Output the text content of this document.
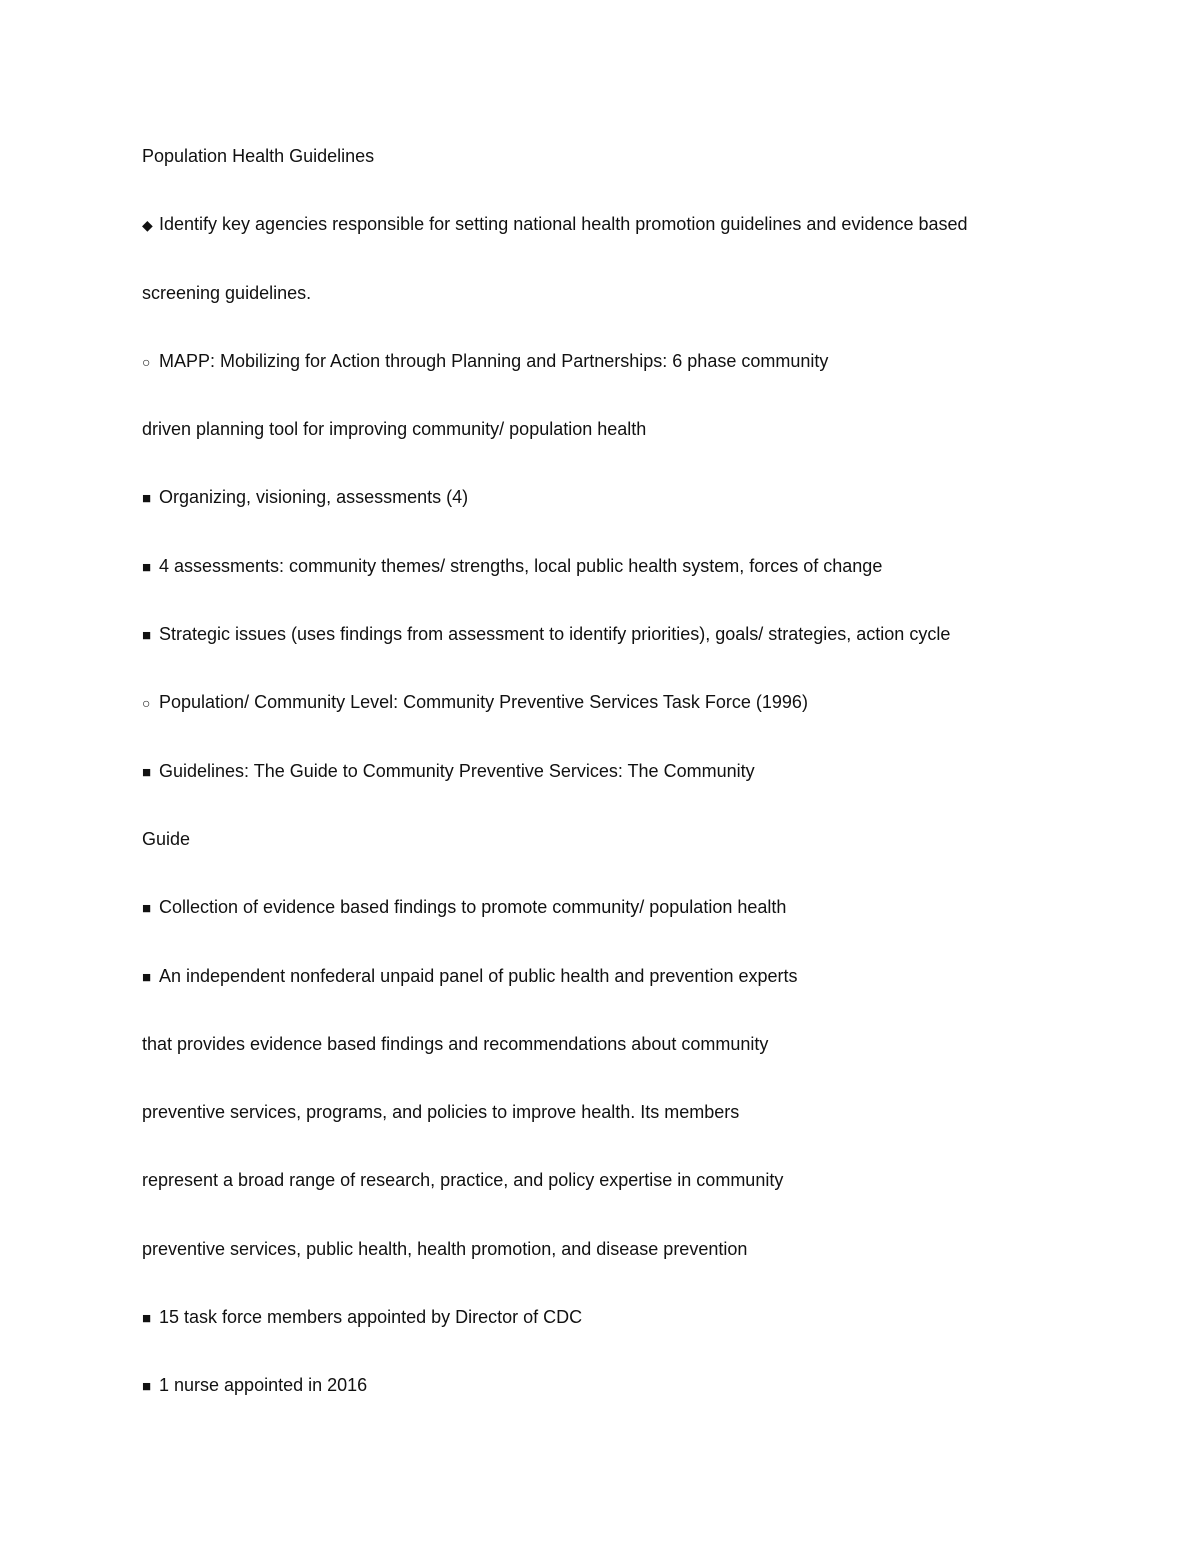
Population Health Guidelines
◆ Identify key agencies responsible for setting national health promotion guidelines and evidence based
screening guidelines.
○ MAPP: Mobilizing for Action through Planning and Partnerships: 6 phase community
driven planning tool for improving community/ population health
■ Organizing, visioning, assessments (4)
■ 4 assessments: community themes/ strengths, local public health system, forces of change
■ Strategic issues (uses findings from assessment to identify priorities), goals/ strategies, action cycle
○ Population/ Community Level: Community Preventive Services Task Force (1996)
■ Guidelines: The Guide to Community Preventive Services: The Community
Guide
■ Collection of evidence based findings to promote community/ population health
■ An independent nonfederal unpaid panel of public health and prevention experts
that provides evidence based findings and recommendations about community
preventive services, programs, and policies to improve health. Its members
represent a broad range of research, practice, and policy expertise in community
preventive services, public health, health promotion, and disease prevention
■ 15 task force members appointed by Director of CDC
■ 1 nurse appointed in 2016
